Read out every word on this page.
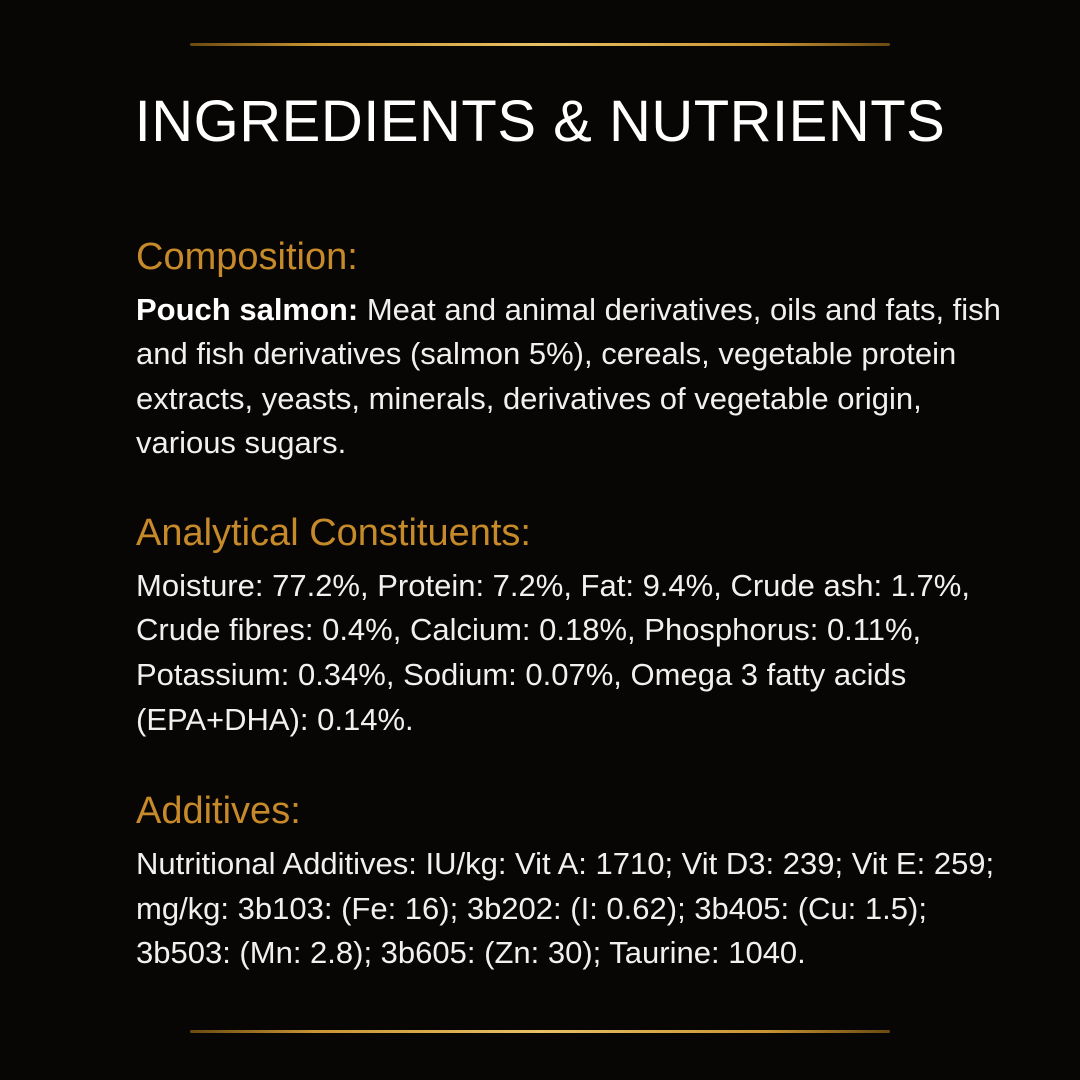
INGREDIENTS & NUTRIENTS
Composition:

Pouch salmon: Meat and animal derivatives, oils and fats, fish and fish derivatives (salmon 5%), cereals, vegetable protein extracts, yeasts, minerals, derivatives of vegetable origin, various sugars.

Analytical Constituents:

Moisture: 77.2%, Protein: 7.2%, Fat: 9.4%, Crude ash: 1.7%, Crude fibres: 0.4%, Calcium: 0.18%, Phosphorus: 0.11%, Potassium: 0.34%, Sodium: 0.07%, Omega 3 fatty acids (EPA+DHA): 0.14%.

Additives:

Nutritional Additives: IU/kg: Vit A: 1710; Vit D3: 239; Vit E: 259; mg/kg: 3b103: (Fe: 16); 3b202: (I: 0.62); 3b405: (Cu: 1.5); 3b503: (Mn: 2.8); 3b605: (Zn: 30); Taurine: 1040.
